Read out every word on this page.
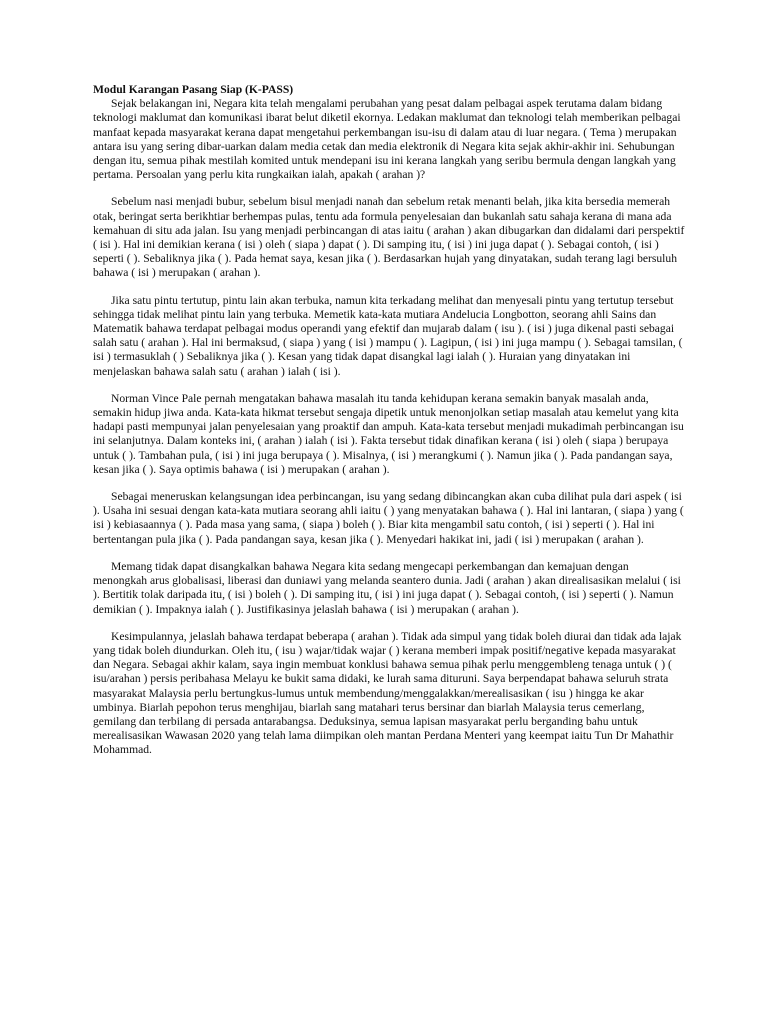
Modul Karangan Pasang Siap (K-PASS)

Sejak belakangan ini, Negara kita telah mengalami perubahan yang pesat dalam pelbagai aspek terutama dalam bidang teknologi maklumat dan komunikasi ibarat belut diketil ekornya. Ledakan maklumat dan teknologi telah memberikan pelbagai manfaat kepada masyarakat kerana dapat mengetahui perkembangan isu-isu di dalam atau di luar negara. ( Tema ) merupakan antara isu yang sering dibar-uarkan dalam media cetak dan media elektronik di Negara kita sejak akhir-akhir ini. Sehubungan dengan itu, semua pihak mestilah komited untuk mendepani isu ini kerana langkah yang seribu bermula dengan langkah yang pertama. Persoalan yang perlu kita rungkaikan ialah, apakah ( arahan )?

Sebelum nasi menjadi bubur, sebelum bisul menjadi nanah dan sebelum retak menanti belah, jika kita bersedia memerah otak, beringat serta berikhtiar berhempas pulas, tentu ada formula penyelesaian dan bukanlah satu sahaja kerana di mana ada kemahuan di situ ada jalan. Isu yang menjadi perbincangan di atas iaitu ( arahan ) akan dibugarkan dan didalami dari perspektif ( isi ). Hal ini demikian kerana ( isi ) oleh ( siapa ) dapat ( ). Di samping itu, ( isi ) ini juga dapat ( ). Sebagai contoh, ( isi ) seperti ( ). Sebaliknya jika ( ). Pada hemat saya, kesan jika ( ). Berdasarkan hujah yang dinyatakan, sudah terang lagi bersuluh bahawa ( isi ) merupakan ( arahan ).

Jika satu pintu tertutup, pintu lain akan terbuka, namun kita terkadang melihat dan menyesali pintu yang tertutup tersebut sehingga tidak melihat pintu lain yang terbuka. Memetik kata-kata mutiara Andelucia Longbotton, seorang ahli Sains dan Matematik bahawa terdapat pelbagai modus operandi yang efektif dan mujarab dalam ( isu ). ( isi ) juga dikenal pasti sebagai salah satu ( arahan ). Hal ini bermaksud, ( siapa ) yang ( isi ) mampu ( ). Lagipun, ( isi ) ini juga mampu ( ). Sebagai tamsilan, ( isi ) termasuklah ( ) Sebaliknya jika ( ). Kesan yang tidak dapat disangkal lagi ialah ( ). Huraian yang dinyatakan ini menjelaskan bahawa salah satu ( arahan ) ialah ( isi ).

Norman Vince Pale pernah mengatakan bahawa masalah itu tanda kehidupan kerana semakin banyak masalah anda, semakin hidup jiwa anda. Kata-kata hikmat tersebut sengaja dipetik untuk menonjolkan setiap masalah atau kemelut yang kita hadapi pasti mempunyai jalan penyelesaian yang proaktif dan ampuh. Kata-kata tersebut menjadi mukadimah perbincangan isu ini selanjutnya. Dalam konteks ini, ( arahan ) ialah ( isi ). Fakta tersebut tidak dinafikan kerana ( isi ) oleh ( siapa ) berupaya untuk ( ). Tambahan pula, ( isi ) ini juga berupaya ( ). Misalnya, ( isi ) merangkumi ( ). Namun jika ( ). Pada pandangan saya, kesan jika ( ). Saya optimis bahawa ( isi ) merupakan ( arahan ).

Sebagai meneruskan kelangsungan idea perbincangan, isu yang sedang dibincangkan akan cuba dilihat pula dari aspek ( isi ). Usaha ini sesuai dengan kata-kata mutiara seorang ahli iaitu ( ) yang menyatakan bahawa ( ). Hal ini lantaran, ( siapa ) yang ( isi ) kebiasaannya ( ). Pada masa yang sama, ( siapa ) boleh ( ). Biar kita mengambil satu contoh, ( isi ) seperti ( ). Hal ini bertentangan pula jika ( ). Pada pandangan saya, kesan jika ( ). Menyedari hakikat ini, jadi ( isi ) merupakan ( arahan ).

Memang tidak dapat disangkalkan bahawa Negara kita sedang mengecapi perkembangan dan kemajuan dengan menongkah arus globalisasi, liberasi dan duniawi yang melanda seantero dunia. Jadi ( arahan ) akan direalisasikan melalui ( isi ). Bertitik tolak daripada itu, ( isi ) boleh ( ). Di samping itu, ( isi ) ini juga dapat ( ). Sebagai contoh, ( isi ) seperti ( ). Namun demikian ( ). Impaknya ialah ( ). Justifikasinya jelaslah bahawa ( isi ) merupakan ( arahan ).

Kesimpulannya, jelaslah bahawa terdapat beberapa ( arahan ). Tidak ada simpul yang tidak boleh diurai dan tidak ada lajak yang tidak boleh diundurkan. Oleh itu, ( isu ) wajar/tidak wajar ( ) kerana memberi impak positif/negative kepada masyarakat dan Negara. Sebagai akhir kalam, saya ingin membuat konklusi bahawa semua pihak perlu menggembleng tenaga untuk ( ) ( isu/arahan ) persis peribahasa Melayu ke bukit sama didaki, ke lurah sama dituruni. Saya berpendapat bahawa seluruh strata masyarakat Malaysia perlu bertungkus-lumus untuk membendung/menggalakkan/merealisasikan ( isu ) hingga ke akar umbinya. Biarlah pepohon terus menghijau, biarlah sang matahari terus bersinar dan biarlah Malaysia terus cemerlang, gemilang dan terbilang di persada antarabangsa. Deduksinya, semua lapisan masyarakat perlu berganding bahu untuk merealisasikan Wawasan 2020 yang telah lama diimpikan oleh mantan Perdana Menteri yang keempat iaitu Tun Dr Mahathir Mohammad.
